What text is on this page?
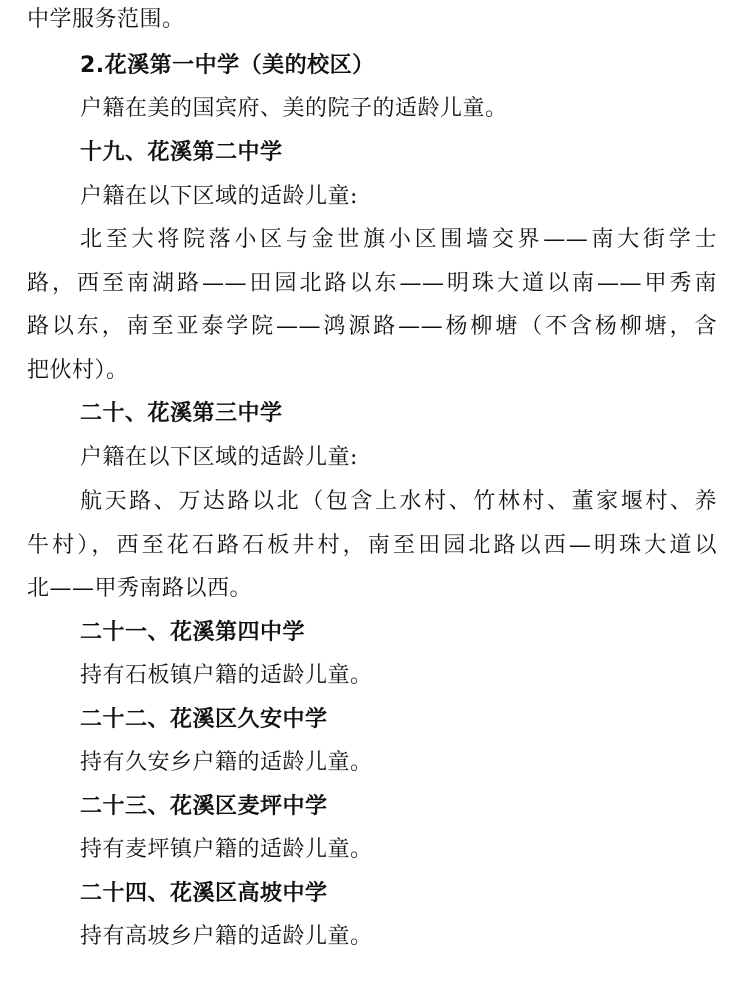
中学服务范围。
2.花溪第一中学（美的校区）
户籍在美的国宾府、美的院子的适龄儿童。
十九、花溪第二中学
户籍在以下区域的适龄儿童:
北至大将院落小区与金世旗小区围墙交界——南大街学士
路，西至南湖路——田园北路以东——明珠大道以南——甲秀南
路以东，南至亚泰学院——鸿源路——杨柳塘（不含杨柳塘，含
把伙村）。
二十、花溪第三中学
户籍在以下区域的适龄儿童:
航天路、万达路以北（包含上水村、竹林村、董家堰村、养
牛村），西至花石路石板井村，南至田园北路以西—明珠大道以
北——甲秀南路以西。
二十一、花溪第四中学
持有石板镇户籍的适龄儿童。
二十二、花溪区久安中学
持有久安乡户籍的适龄儿童。
二十三、花溪区麦坪中学
持有麦坪镇户籍的适龄儿童。
二十四、花溪区高坡中学
持有高坡乡户籍的适龄儿童。
